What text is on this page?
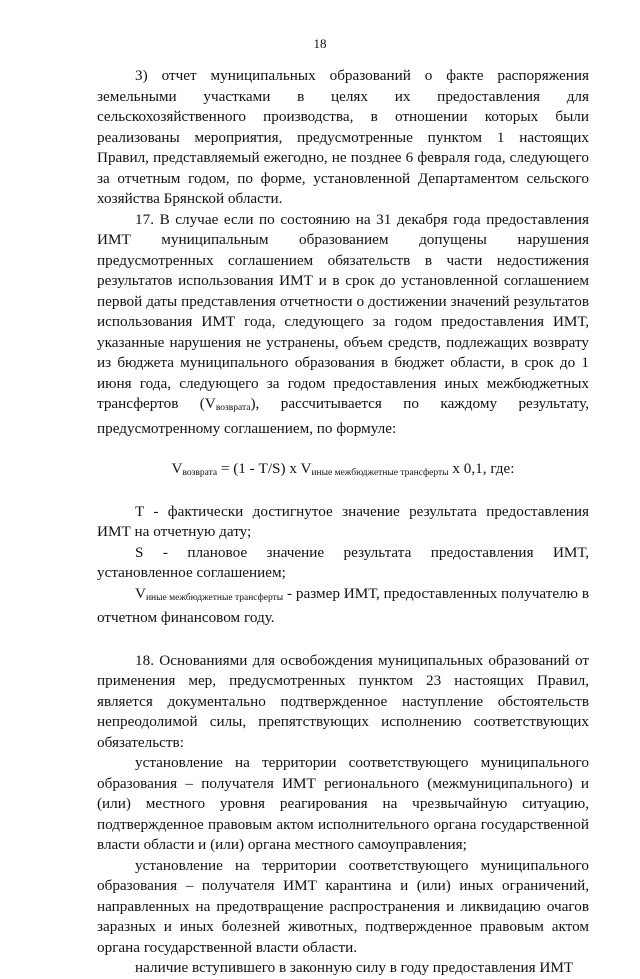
18

3) отчет муниципальных образований о факте распоряжения земельными участками в целях их предоставления для сельскохозяйственного производства, в отношении которых были реализованы мероприятия, предусмотренные пунктом 1 настоящих Правил, представляемый ежегодно, не позднее 6 февраля года, следующего за отчетным годом, по форме, установленной Департаментом сельского хозяйства Брянской области.

17. В случае если по состоянию на 31 декабря года предоставления ИМТ муниципальным образованием допущены нарушения предусмотренных соглашением обязательств в части недостижения результатов использования ИМТ и в срок до установленной соглашением первой даты представления отчетности о достижении значений результатов использования ИМТ года, следующего за годом предоставления ИМТ, указанные нарушения не устранены, объем средств, подлежащих возврату из бюджета муниципального образования в бюджет области, в срок до 1 июня года, следующего за годом предоставления иных межбюджетных трансфертов $(V_{возврата})$, рассчитывается по каждому результату, предусмотренному соглашением, по формуле:

$V_{возврата} = (1 - T/S)$ x $V_{иные межбюджетные трансферты}$ x 0,1, где:

T - фактически достигнутое значение результата предоставления ИМТ на отчетную дату;

S - плановое значение результата предоставления ИМТ, установленное соглашением;

$V_{иные межбюджетные трансферты}$ - размер ИМТ, предоставленных получателю в отчетном финансовом году.

18. Основаниями для освобождения муниципальных образований от применения мер, предусмотренных пунктом 23 настоящих Правил, является документально подтвержденное наступление обстоятельств непреодолимой силы, препятствующих исполнению соответствующих обязательств:

установление на территории соответствующего муниципального образования – получателя ИМТ регионального (межмуниципального) и (или) местного уровня реагирования на чрезвычайную ситуацию, подтвержденное правовым актом исполнительного органа государственной власти области и (или) органа местного самоуправления;

установление на территории соответствующего муниципального образования – получателя ИМТ карантина и (или) иных ограничений, направленных на предотвращение распространения и ликвидацию очагов заразных и иных болезней животных, подтвержденное правовым актом органа государственной власти области.

наличие вступившего в законную силу в году предоставления ИМТ
